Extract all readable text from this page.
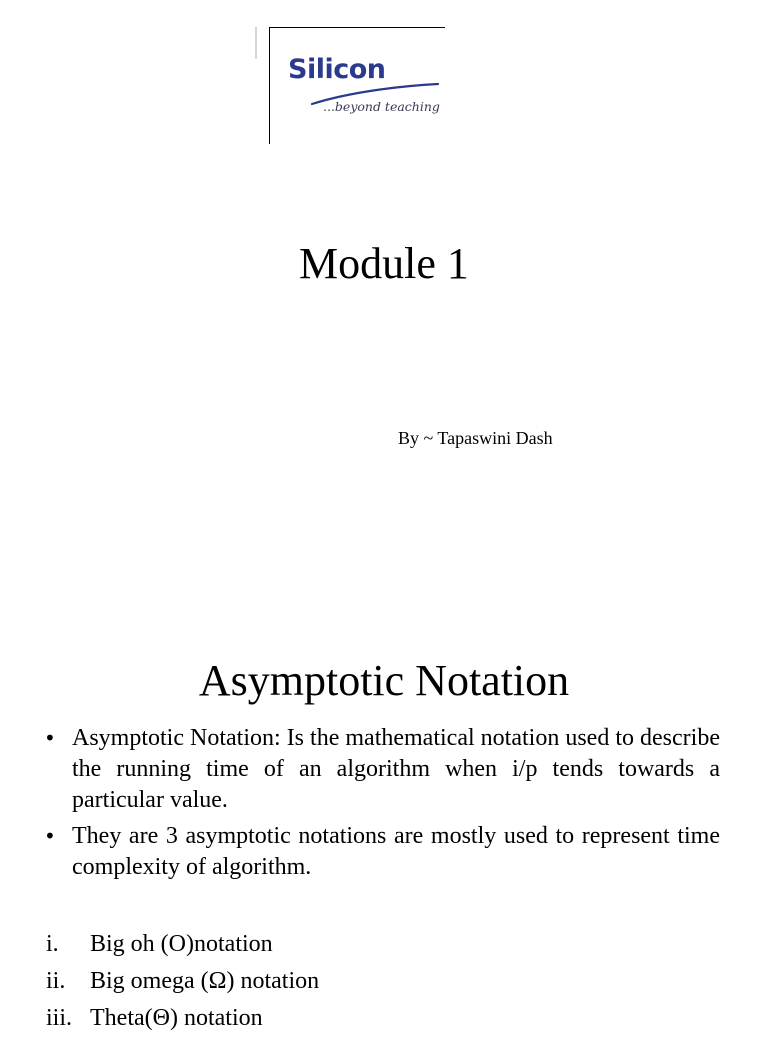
Silicon
...beyond teaching
Module 1
By ~ Tapaswini Dash
Asymptotic Notation
• Asymptotic Notation: Is the mathematical notation used to describe the running time of an algorithm when i/p tends towards a particular value.
• They are 3 asymptotic notations are mostly used to represent time complexity of algorithm.
i. Big oh (O)notation
ii. Big omega (Ω) notation
iii. Theta(Θ) notation
